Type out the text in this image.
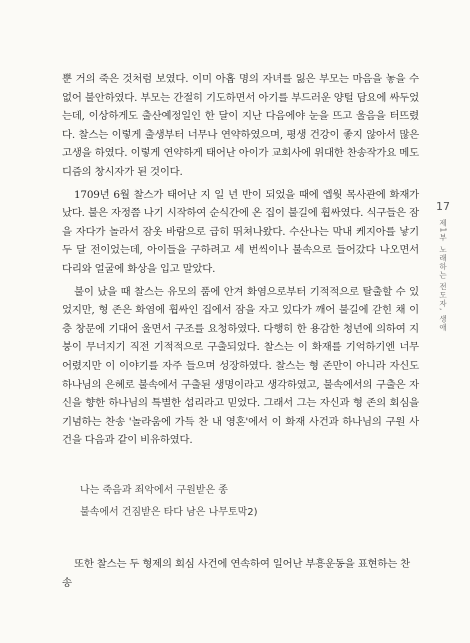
뿐 거의 죽은 것처럼 보였다. 이미 아홉 명의 자녀를 잃은 부모는 마음을 놓을 수 없어 불안하였다. 부모는 간절히 기도하면서 아기를 부드러운 양털 담요에 싸두었는데, 이상하게도 출산예정일인 한 달이 지난 다음에야 눈을 뜨고 울음을 터뜨렸다. 찰스는 이렇게 출생부터 너무나 연약하였으며, 평생 건강이 좋지 않아서 많은 고생을 하였다. 이렇게 연약하게 태어난 아이가 교회사에 위대한 찬송작가요 메도디즘의 창시자가 된 것이다.

1709년 6월 찰스가 태어난 지 일 년 반이 되었을 때에 엡웟 목사관에 화재가 났다. 불은 자정쯤 나기 시작하여 순식간에 온 집이 불길에 휩싸였다. 식구들은 잠을 자다가 놀라서 잠옷 바람으로 급히 뛰쳐나왔다. 수산나는 막내 케지아를 낳기 두 달 전이었는데, 아이들을 구하려고 세 번씩이나 불속으로 들어갔다 나오면서 다리와 얼굴에 화상을 입고 말았다.

불이 났을 때 찰스는 유모의 품에 안겨 화염으로부터 기적적으로 탈출할 수 있었지만, 형 존은 화염에 휩싸인 집에서 잠을 자고 있다가 깨어 불길에 갇힌 채 이층 창문에 기대어 울면서 구조를 요청하였다. 다행히 한 용감한 청년에 의하여 지붕이 무너지기 직전 기적적으로 구출되었다. 찰스는 이 화재를 기억하기엔 너무 어렸지만 이 이야기를 자주 들으며 성장하였다. 찰스는 형 존만이 아니라 자신도 하나님의 은혜로 불속에서 구출된 생명이라고 생각하였고, 불속에서의 구출은 자신을 향한 하나님의 특별한 섭리라고 믿었다. 그래서 그는 자신과 형 존의 회심을 기념하는 찬송 '놀라움에 가득 찬 내 영혼'에서 이 화재 사건과 하나님의 구원 사건을 다음과 같이 비유하였다.

나는 죽음과 죄악에서 구원받은 종

불속에서 건짐받은 타다 남은 나무토막2)

또한 찰스는 두 형제의 회심 사건에 연속하여 일어난 부흥운동을 표현하는 찬송

17
제1부 노래하는 전도자, 생애
